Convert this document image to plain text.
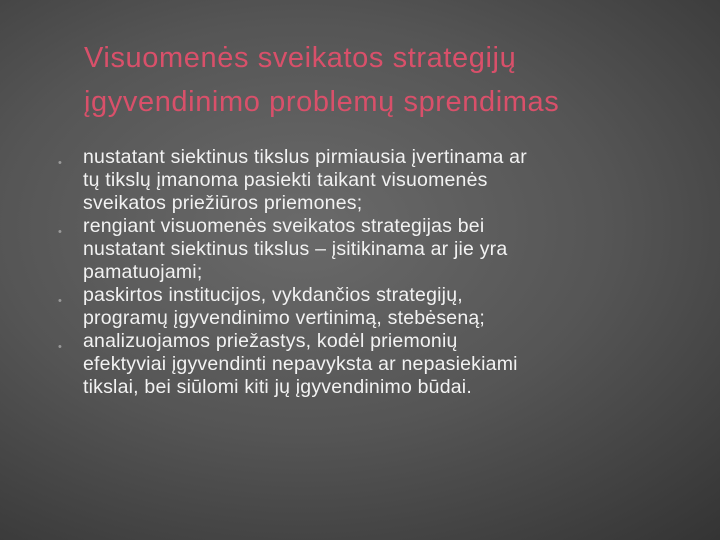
Visuomenės sveikatos strategijų
įgyvendinimo problemų sprendimas
•	nustatant siektinus tikslus pirmiausia įvertinama ar
tų tikslų įmanoma pasiekti taikant visuomenės
sveikatos priežiūros priemones;
•	rengiant visuomenės sveikatos strategijas bei
nustatant siektinus tikslus – įsitikinama ar jie yra
pamatuojami;
•	paskirtos institucijos, vykdančios strategijų,
programų įgyvendinimo vertinimą, stebėseną;
•	analizuojamos priežastys, kodėl priemonių
efektyviai įgyvendinti nepavyksta ar nepasiekiami
tikslai, bei siūlomi kiti jų įgyvendinimo būdai.
